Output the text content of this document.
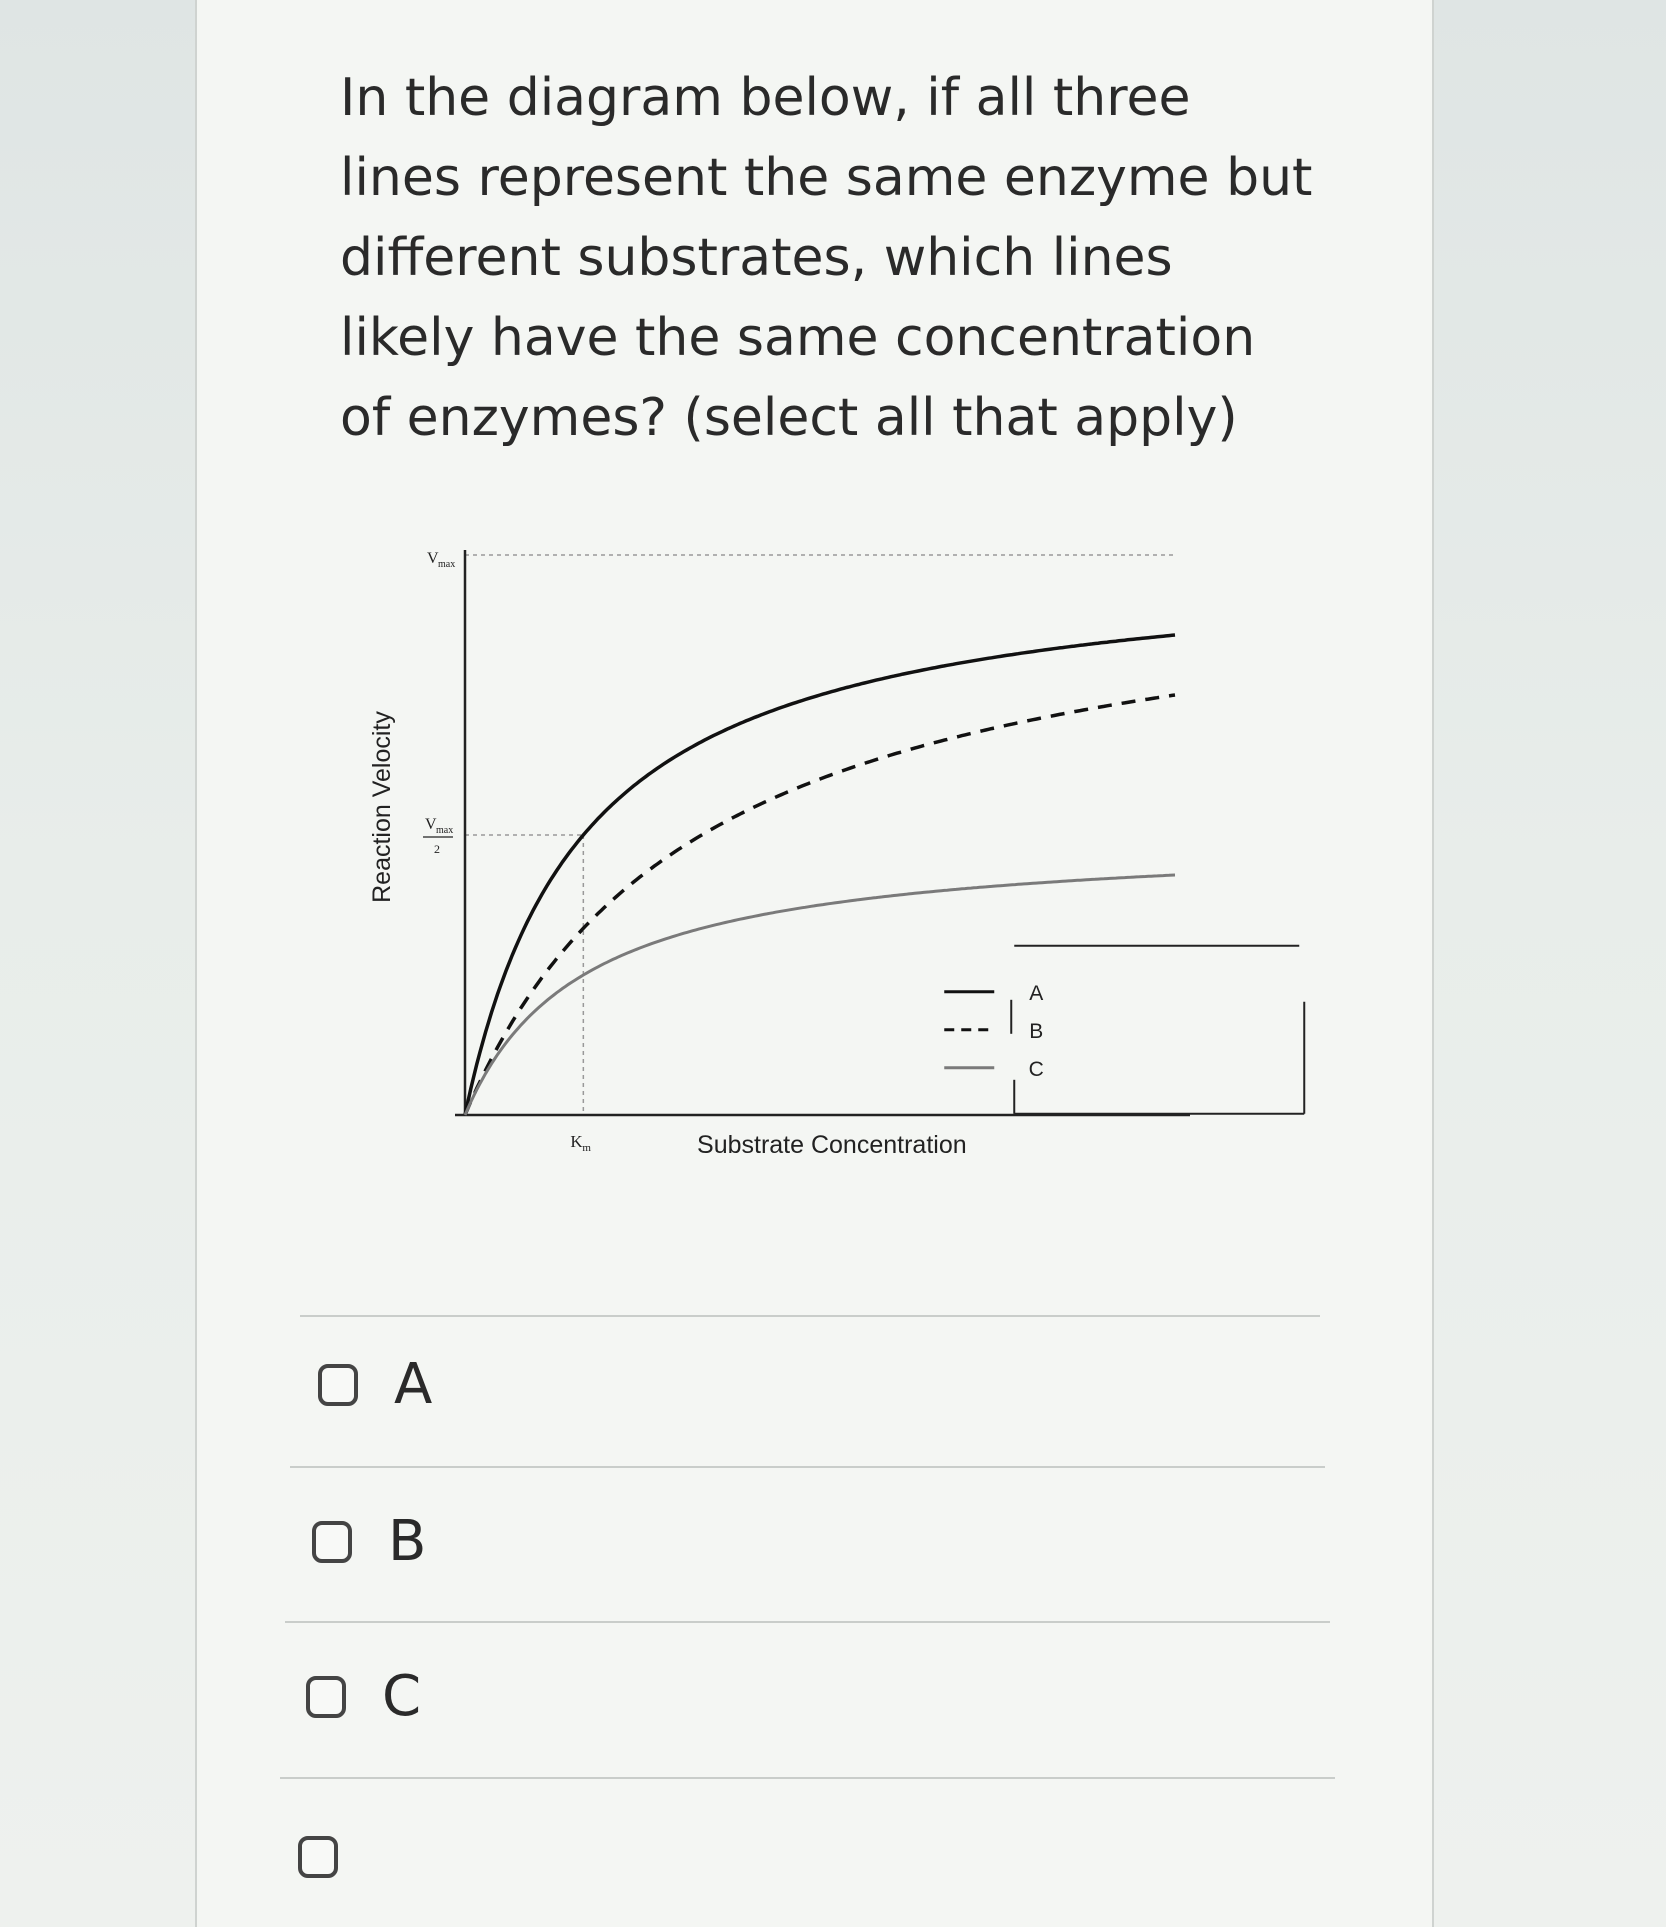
In the diagram below, if all three lines represent the same enzyme but different substrates, which lines likely have the same concentration of enzymes? (select all that apply)

V max
V max
2
K m	Substrate Concentration
Reaction Velocity
A
B
C
A
B
C
